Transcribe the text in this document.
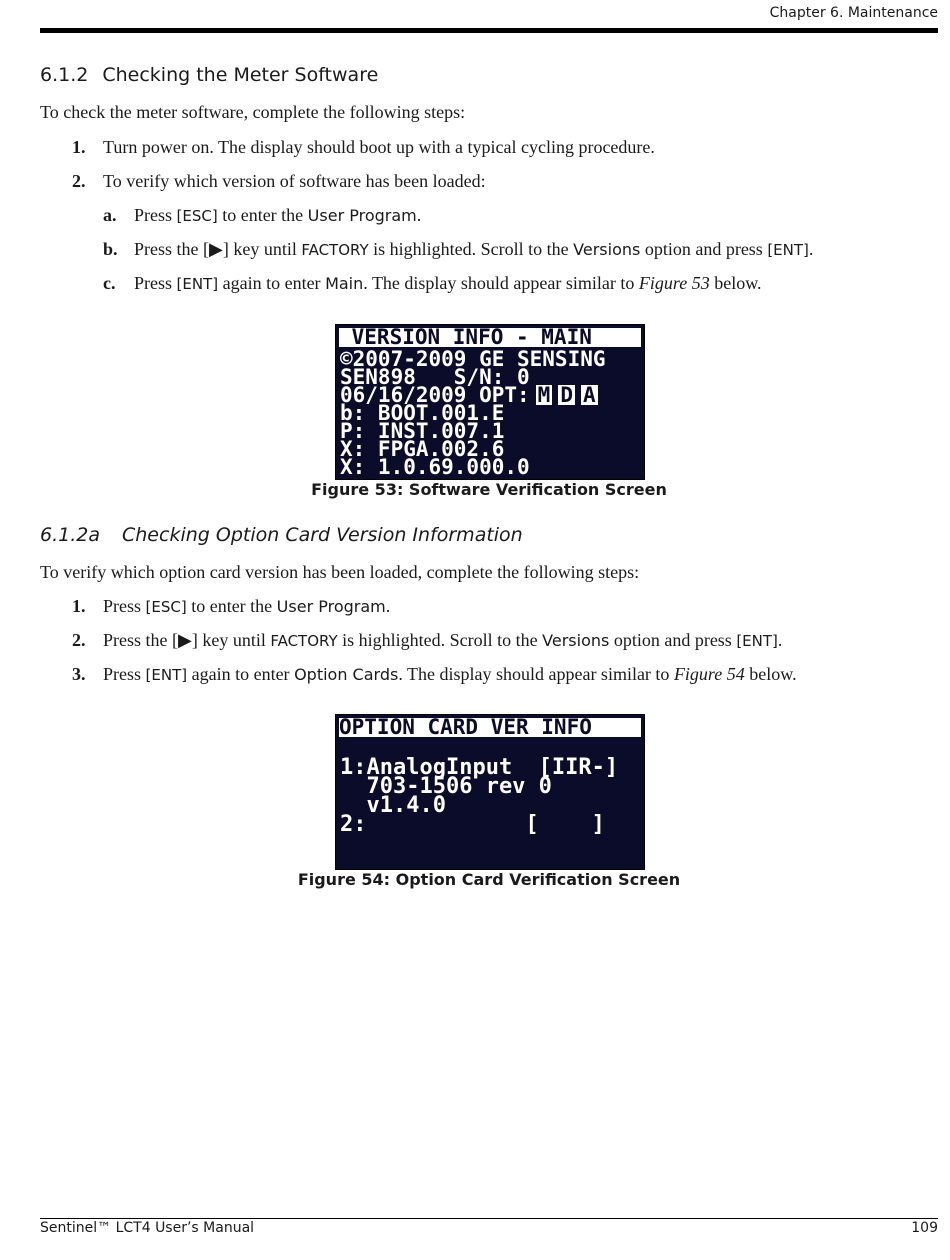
Chapter 6. Maintenance
6.1.2 Checking the Meter Software

To check the meter software, complete the following steps:

1. Turn power on. The display should boot up with a typical cycling procedure.

2. To verify which version of software has been loaded:

a. Press [ESC] to enter the User Program.

b. Press the [▶] key until FACTORY is highlighted. Scroll to the Versions option and press [ENT].

c. Press [ENT] again to enter Main. The display should appear similar to Figure 53 below.

VERSION INFO - MAIN
©2007-2009 GE SENSING
SEN898   S/N: 0
06/16/2009 OPT: M D A
b: BOOT.001.E
P: INST.007.1
X: FPGA.002.6
X: 1.0.69.000.0
Figure 53: Software Verification Screen
6.1.2a Checking Option Card Version Information

To verify which option card version has been loaded, complete the following steps:

1. Press [ESC] to enter the User Program.

2. Press the [▶] key until FACTORY is highlighted. Scroll to the Versions option and press [ENT].

3. Press [ENT] again to enter Option Cards. The display should appear similar to Figure 54 below.

OPTION CARD VER INFO
1:AnalogInput  [IIR-]
703-1506 rev 0
v1.4.0
2:            [    ]
Figure 54: Option Card Verification Screen
Sentinel™ LCT4 User’s Manual	109
